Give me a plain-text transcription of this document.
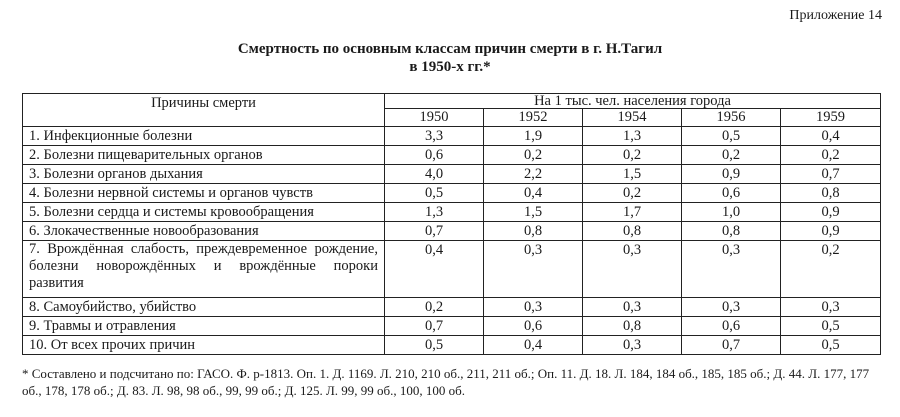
Приложение 14
Смертность по основным классам причин смерти в г. Н.Тагил
в 1950-х гг.*
Причины смерти	На 1 тыс. чел. населения города				
	1950	1952	1954	1956	1959
1. Инфекционные болезни	3,3	1,9	1,3	0,5	0,4
2. Болезни пищеварительных органов	0,6	0,2	0,2	0,2	0,2
3. Болезни органов дыхания	4,0	2,2	1,5	0,9	0,7
4. Болезни нервной системы и органов чувств	0,5	0,4	0,2	0,6	0,8
5. Болезни сердца и системы кровообращения	1,3	1,5	1,7	1,0	0,9
6. Злокачественные новообразования	0,7	0,8	0,8	0,8	0,9
7. Врождённая слабость, преждевременное рождение, болезни новорождённых и врождённые пороки развития	0,4	0,3	0,3	0,3	0,2
8. Самоубийство, убийство	0,2	0,3	0,3	0,3	0,3
9. Травмы и отравления	0,7	0,6	0,8	0,6	0,5
10. От всех прочих причин	0,5	0,4	0,3	0,7	0,5
* Составлено и подсчитано по: ГАСО. Ф. р-1813. Оп. 1. Д. 1169. Л. 210, 210 об., 211, 211 об.; Оп. 11. Д. 18. Л. 184, 184 об., 185, 185 об.; Д. 44. Л. 177, 177 об., 178, 178 об.; Д. 83. Л. 98, 98 об., 99, 99 об.; Д. 125. Л. 99, 99 об., 100, 100 об.
